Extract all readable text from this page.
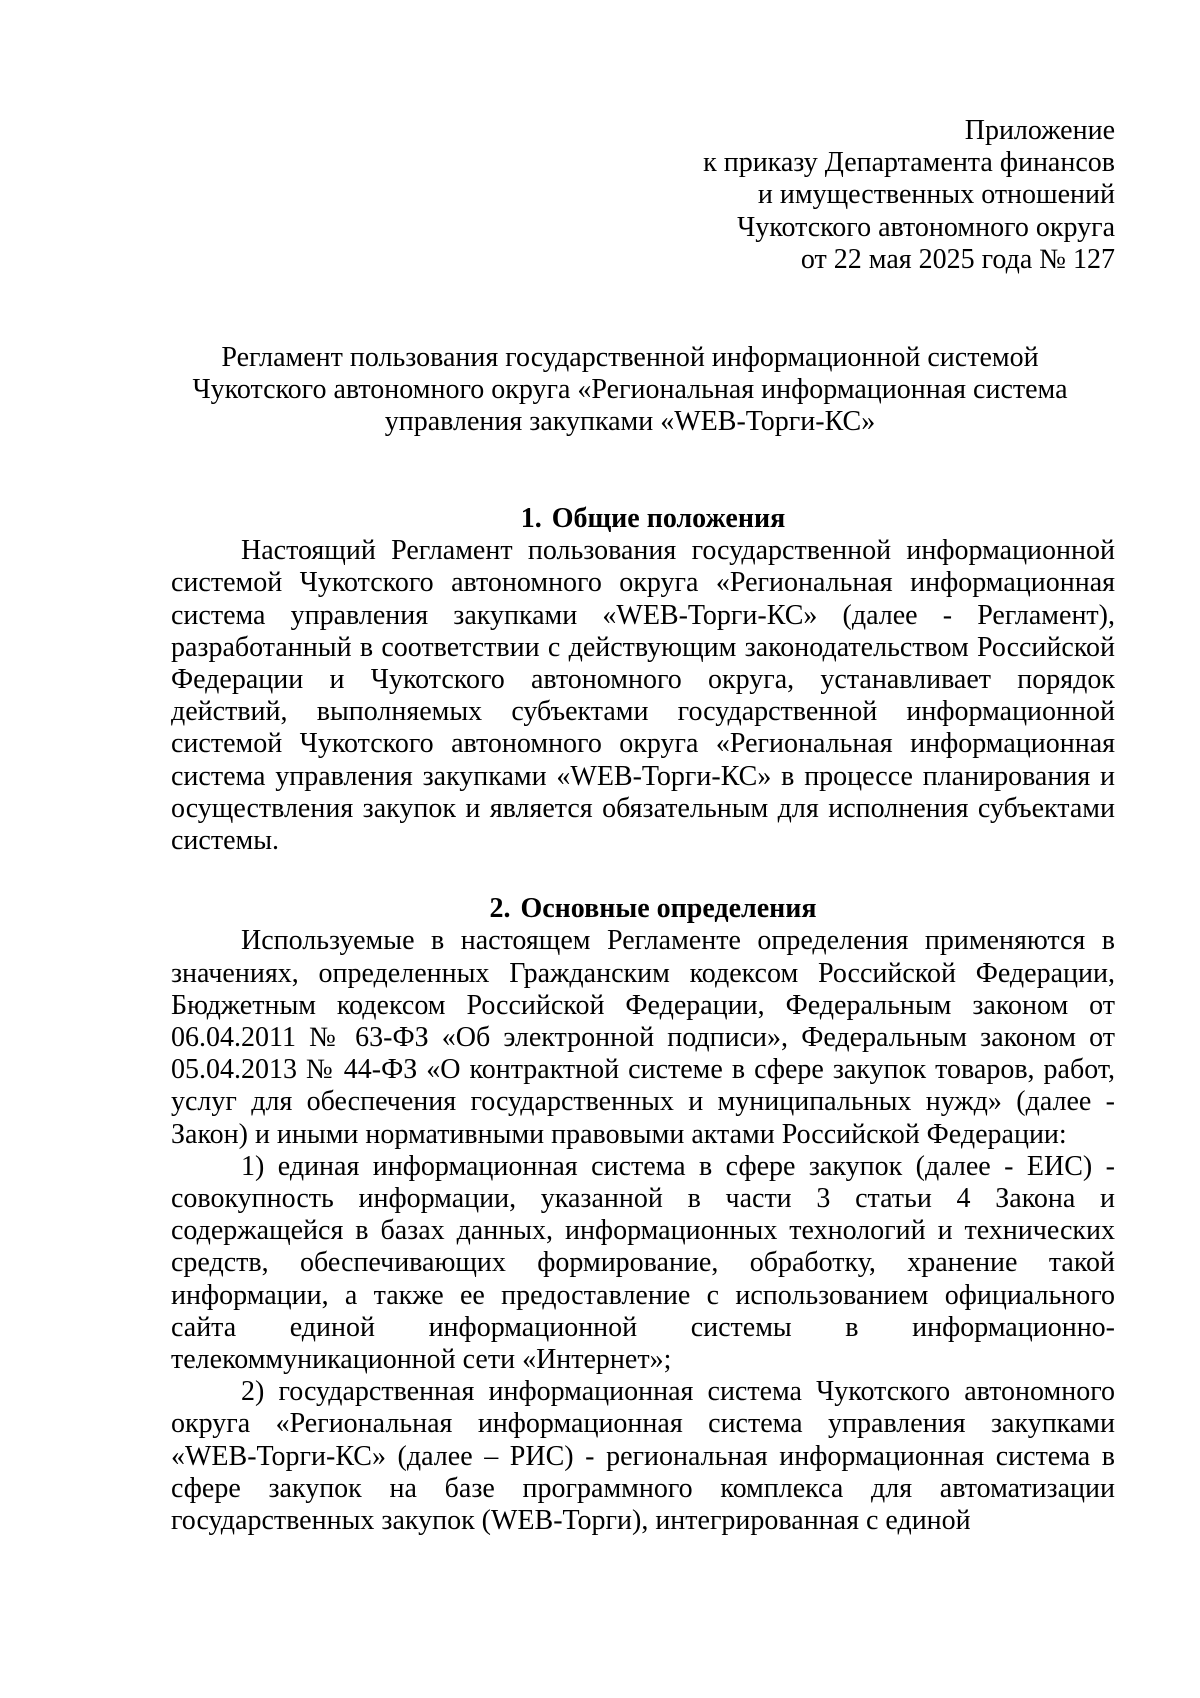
Приложение
к приказу Департамента финансов
и имущественных отношений
Чукотского автономного округа
от 22 мая 2025 года № 127
Регламент пользования государственной информационной системой
Чукотского автономного округа «Региональная информационная система
управления закупками «WEB-Торги-КС»
1. Общие положения

Настоящий Регламент пользования государственной информационной системой Чукотского автономного округа «Региональная информационная система управления закупками «WEB-Торги-КС» (далее - Регламент), разработанный в соответствии с действующим законодательством Российской Федерации и Чукотского автономного округа, устанавливает порядок действий, выполняемых субъектами государственной информационной системой Чукотского автономного округа «Региональная информационная система управления закупками «WEB-Торги-КС» в процессе планирования и осуществления закупок и является обязательным для исполнения субъектами системы.

2. Основные определения

Используемые в настоящем Регламенте определения применяются в значениях, определенных Гражданским кодексом Российской Федерации, Бюджетным кодексом Российской Федерации, Федеральным законом от 06.04.2011 № 63-ФЗ «Об электронной подписи», Федеральным законом от 05.04.2013 № 44-ФЗ «О контрактной системе в сфере закупок товаров, работ, услуг для обеспечения государственных и муниципальных нужд» (далее - Закон) и иными нормативными правовыми актами Российской Федерации:

1) единая информационная система в сфере закупок (далее - ЕИС) - совокупность информации, указанной в части 3 статьи 4 Закона и содержащейся в базах данных, информационных технологий и технических средств, обеспечивающих формирование, обработку, хранение такой информации, а также ее предоставление с использованием официального сайта единой информационной системы в информационно-телекоммуникационной сети «Интернет»;

2) государственная информационная система Чукотского автономного округа «Региональная информационная система управления закупками «WEB-Торги-КС» (далее – РИС) - региональная информационная система в сфере закупок на базе программного комплекса для автоматизации государственных закупок (WEB-Торги), интегрированная с единой
